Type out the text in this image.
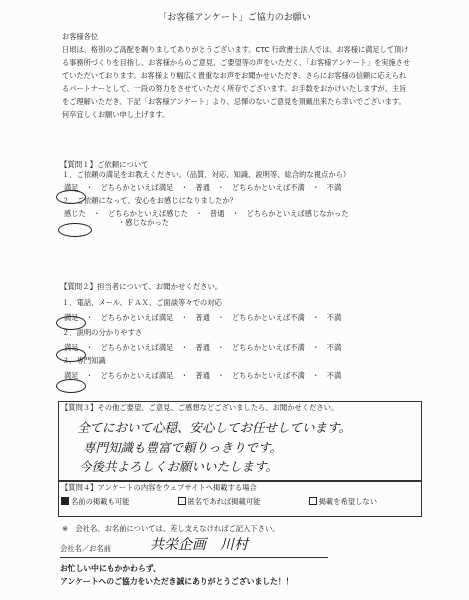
「お客様アンケート」ご協力のお願い
お客様各位
日頃は、格別のご高配を賜りましてありがとうございます。CTC 行政書士法人では、お客様に満足して頂ける事務所づくりを目指し、お客様からのご意見、ご要望等の声をいただく、「お客様アンケート」を実施させていただいております。お客様より幅広く貴重なお声をお聞かせいただき、さらにお客様の信頼に応えられるパートナーとして、一段の努力をさせていただく所存でございます。お手数をおかけいたしますが、主旨をご理解いただき、下記「お客様アンケート」より、忌憚のないご意見を頂戴出来たら幸いでございます。何卒宜しくお願い申し上げます。
【質問１】ご依頼について
１．ご依頼の満足をお教えください。（品質、対応、知識、説明等、総合的な視点から）
満足　・　どちらかといえば満足　・　普通　・　どちらかといえば不満　・　不満
２．ご依頼になって、安心をお感じになりましたか？
感じた　・　どちらかといえば感じた　・　普通　・　どちらかといえば感じなかった
・感じなかった
【質問２】担当者について、お聞かせください。
１．電話、メール、ＦＡＸ、ご面談等々での対応
満足　・　どちらかといえば満足　・　普通　・　どちらかといえば不満　・　不満
２．説明の分かりやすさ
満足　・　どちらかといえば満足　・　普通　・　どちらかといえば不満　・　不満
３．専門知識
満足　・　どちらかといえば満足　・　普通　・　どちらかといえば不満　・　不満
【質問３】その他ご要望、ご意見、ご感想などございましたら、お聞かせください。
全てにおいて心穏、安心してお任せしています。
専門知識も豊富で頼りっきりです。
今後共よろしくお願いいたします。
【質問４】アンケートの内容をウェブサイトへ掲載する場合
名前の掲載も可能	匿名であれば掲載可能	掲載を希望しない
※　会社名、お名前については、差し支えなければご記入下さい。
会社名／お名前	共栄企画　川村
お忙しい中にもかかわらず、
アンケートへのご協力をいただき誠にありがとうございました！！
